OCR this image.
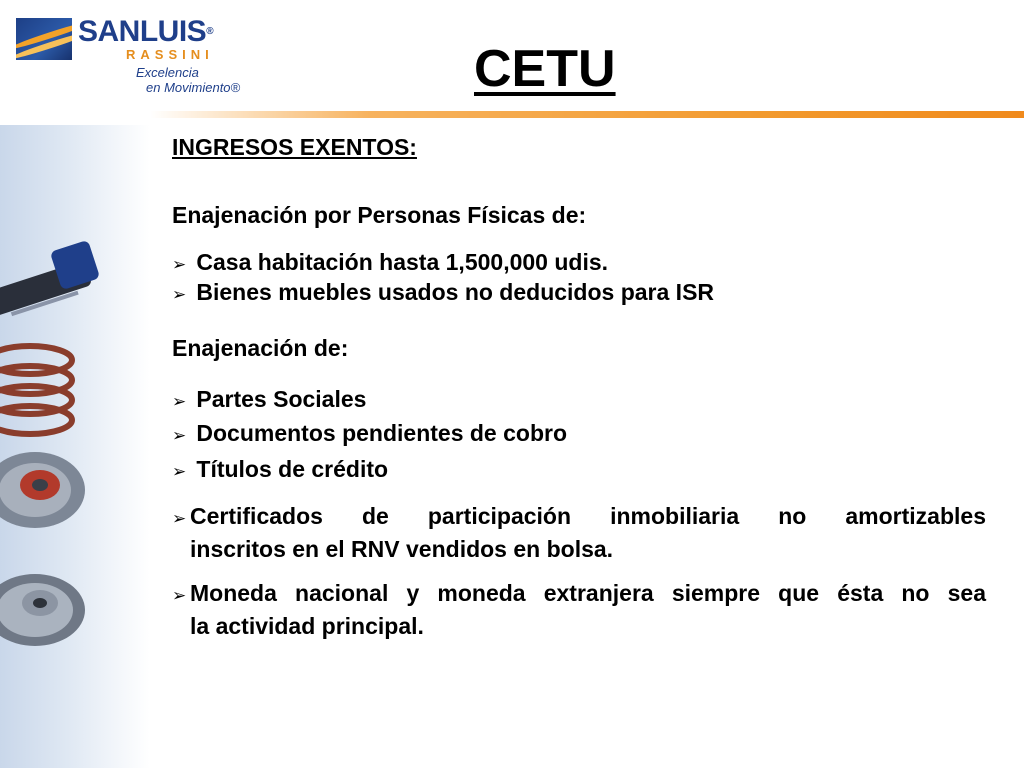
SANLUIS®
RASSINI
Excelencia
en Movimiento®	CETU
INGRESOS EXENTOS:
Enajenación por Personas Físicas de:
➢ Casa habitación hasta 1,500,000 udis.
➢ Bienes muebles usados no deducidos para ISR
Enajenación de:
➢ Partes Sociales
➢ Documentos pendientes de cobro
➢ Títulos de crédito
➢ Certificados de participación inmobiliaria no amortizables
inscritos en el RNV vendidos en bolsa.
➢ Moneda nacional y moneda extranjera siempre que ésta no sea
la actividad principal.
